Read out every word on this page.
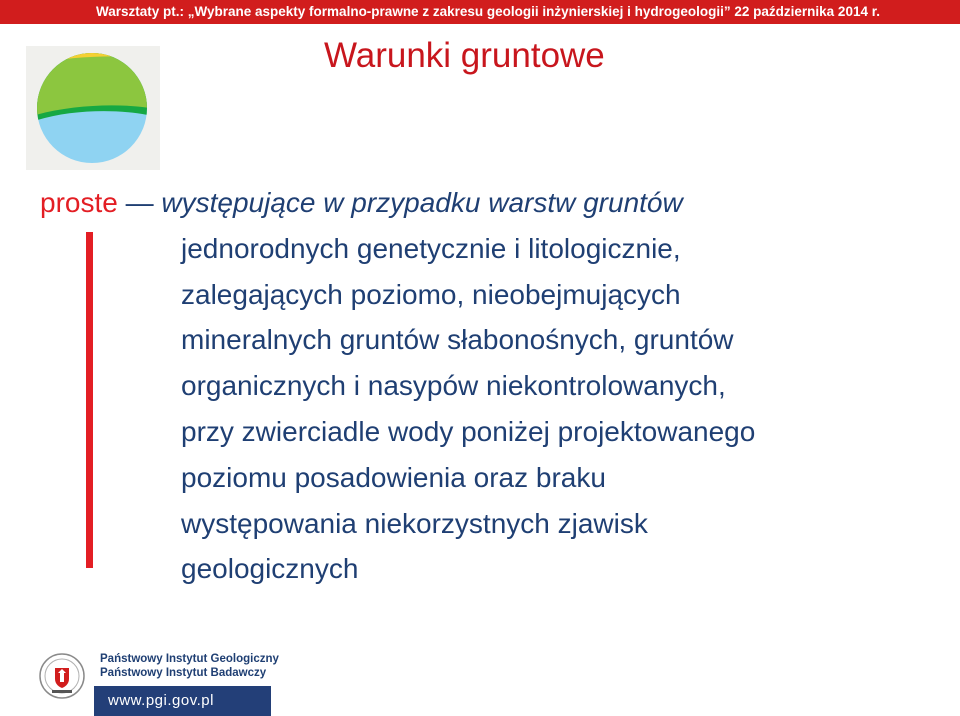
Warsztaty pt.: „Wybrane aspekty formalno-prawne z zakresu geologii inżynierskiej i hydrogeologii” 22 października 2014 r.
Warunki gruntowe
proste — występujące w przypadku warstw gruntów
jednorodnych genetycznie i litologicznie,
zalegających poziomo, nieobejmujących
mineralnych gruntów słabonośnych, gruntów
organicznych i nasypów niekontrolowanych,
przy zwierciadle wody poniżej projektowanego
poziomu posadowienia oraz braku
występowania niekorzystnych zjawisk
geologicznych
Państwowy Instytut Geologiczny
Państwowy Instytut Badawczy
www.pgi.gov.pl
